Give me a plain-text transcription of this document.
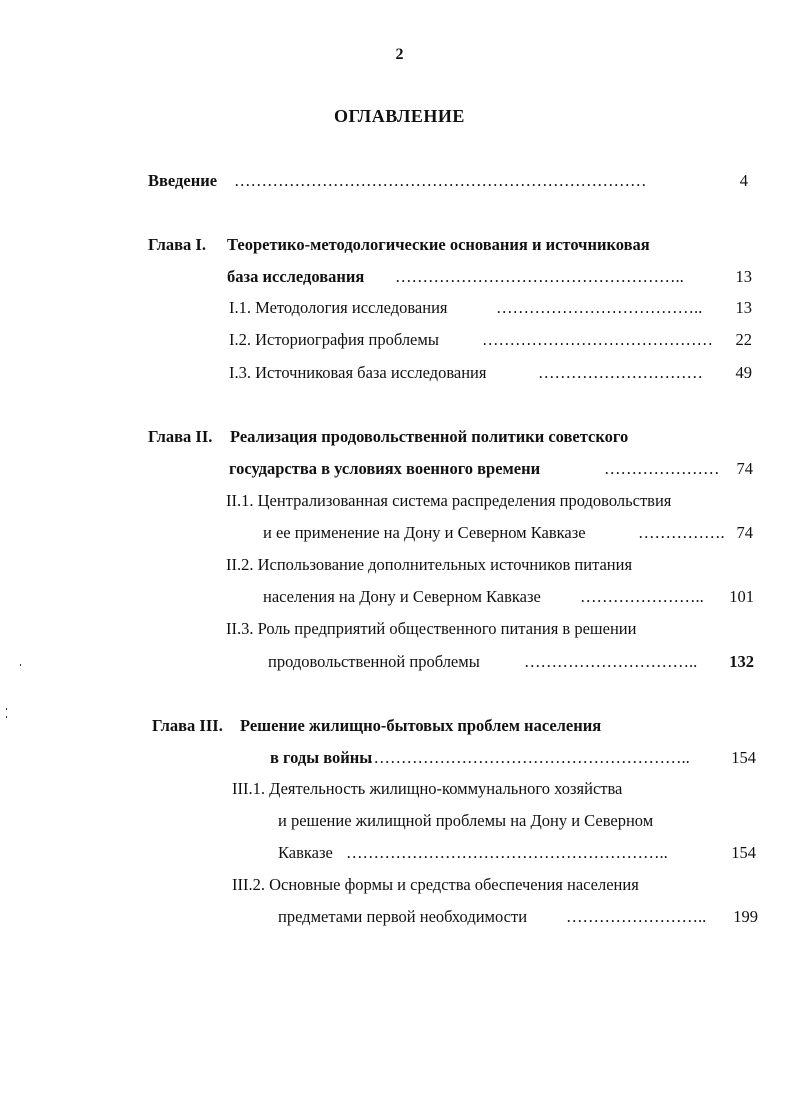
2
ОГЛАВЛЕНИЕ
Введение …………………………………………………………………	4
Глава I. Теоретико-методологические основания и источниковая
база исследования ……………………………………………..	13
I.1. Методология исследования	………………………………..	13
I.2. Историография проблемы	……………………………………	22
I.3. Источниковая база исследования	…………………………	49
Глава II. Реализация продовольственной политики советского
государства в условиях военного времени	…………………	74
II.1. Централизованная система распределения продовольствия
и ее применение на Дону и Северном Кавказе	……………. 74
II.2. Использование дополнительных источников питания
населения на Дону и Северном Кавказе …………………..	101
II.3. Роль предприятий общественного питания в решении
продовольственной проблемы	…………………………..	132
Глава III. Решение жилищно-бытовых проблем населения
в годы войны
…………………………………………………..	154
III.1. Деятельность жилищно-коммунального хозяйства
и решение жилищной проблемы на Дону и Северном
Кавказе …………………………………………………..	154
III.2. Основные формы и средства обеспечения населения
предметами первой необходимости ……………………..	199
